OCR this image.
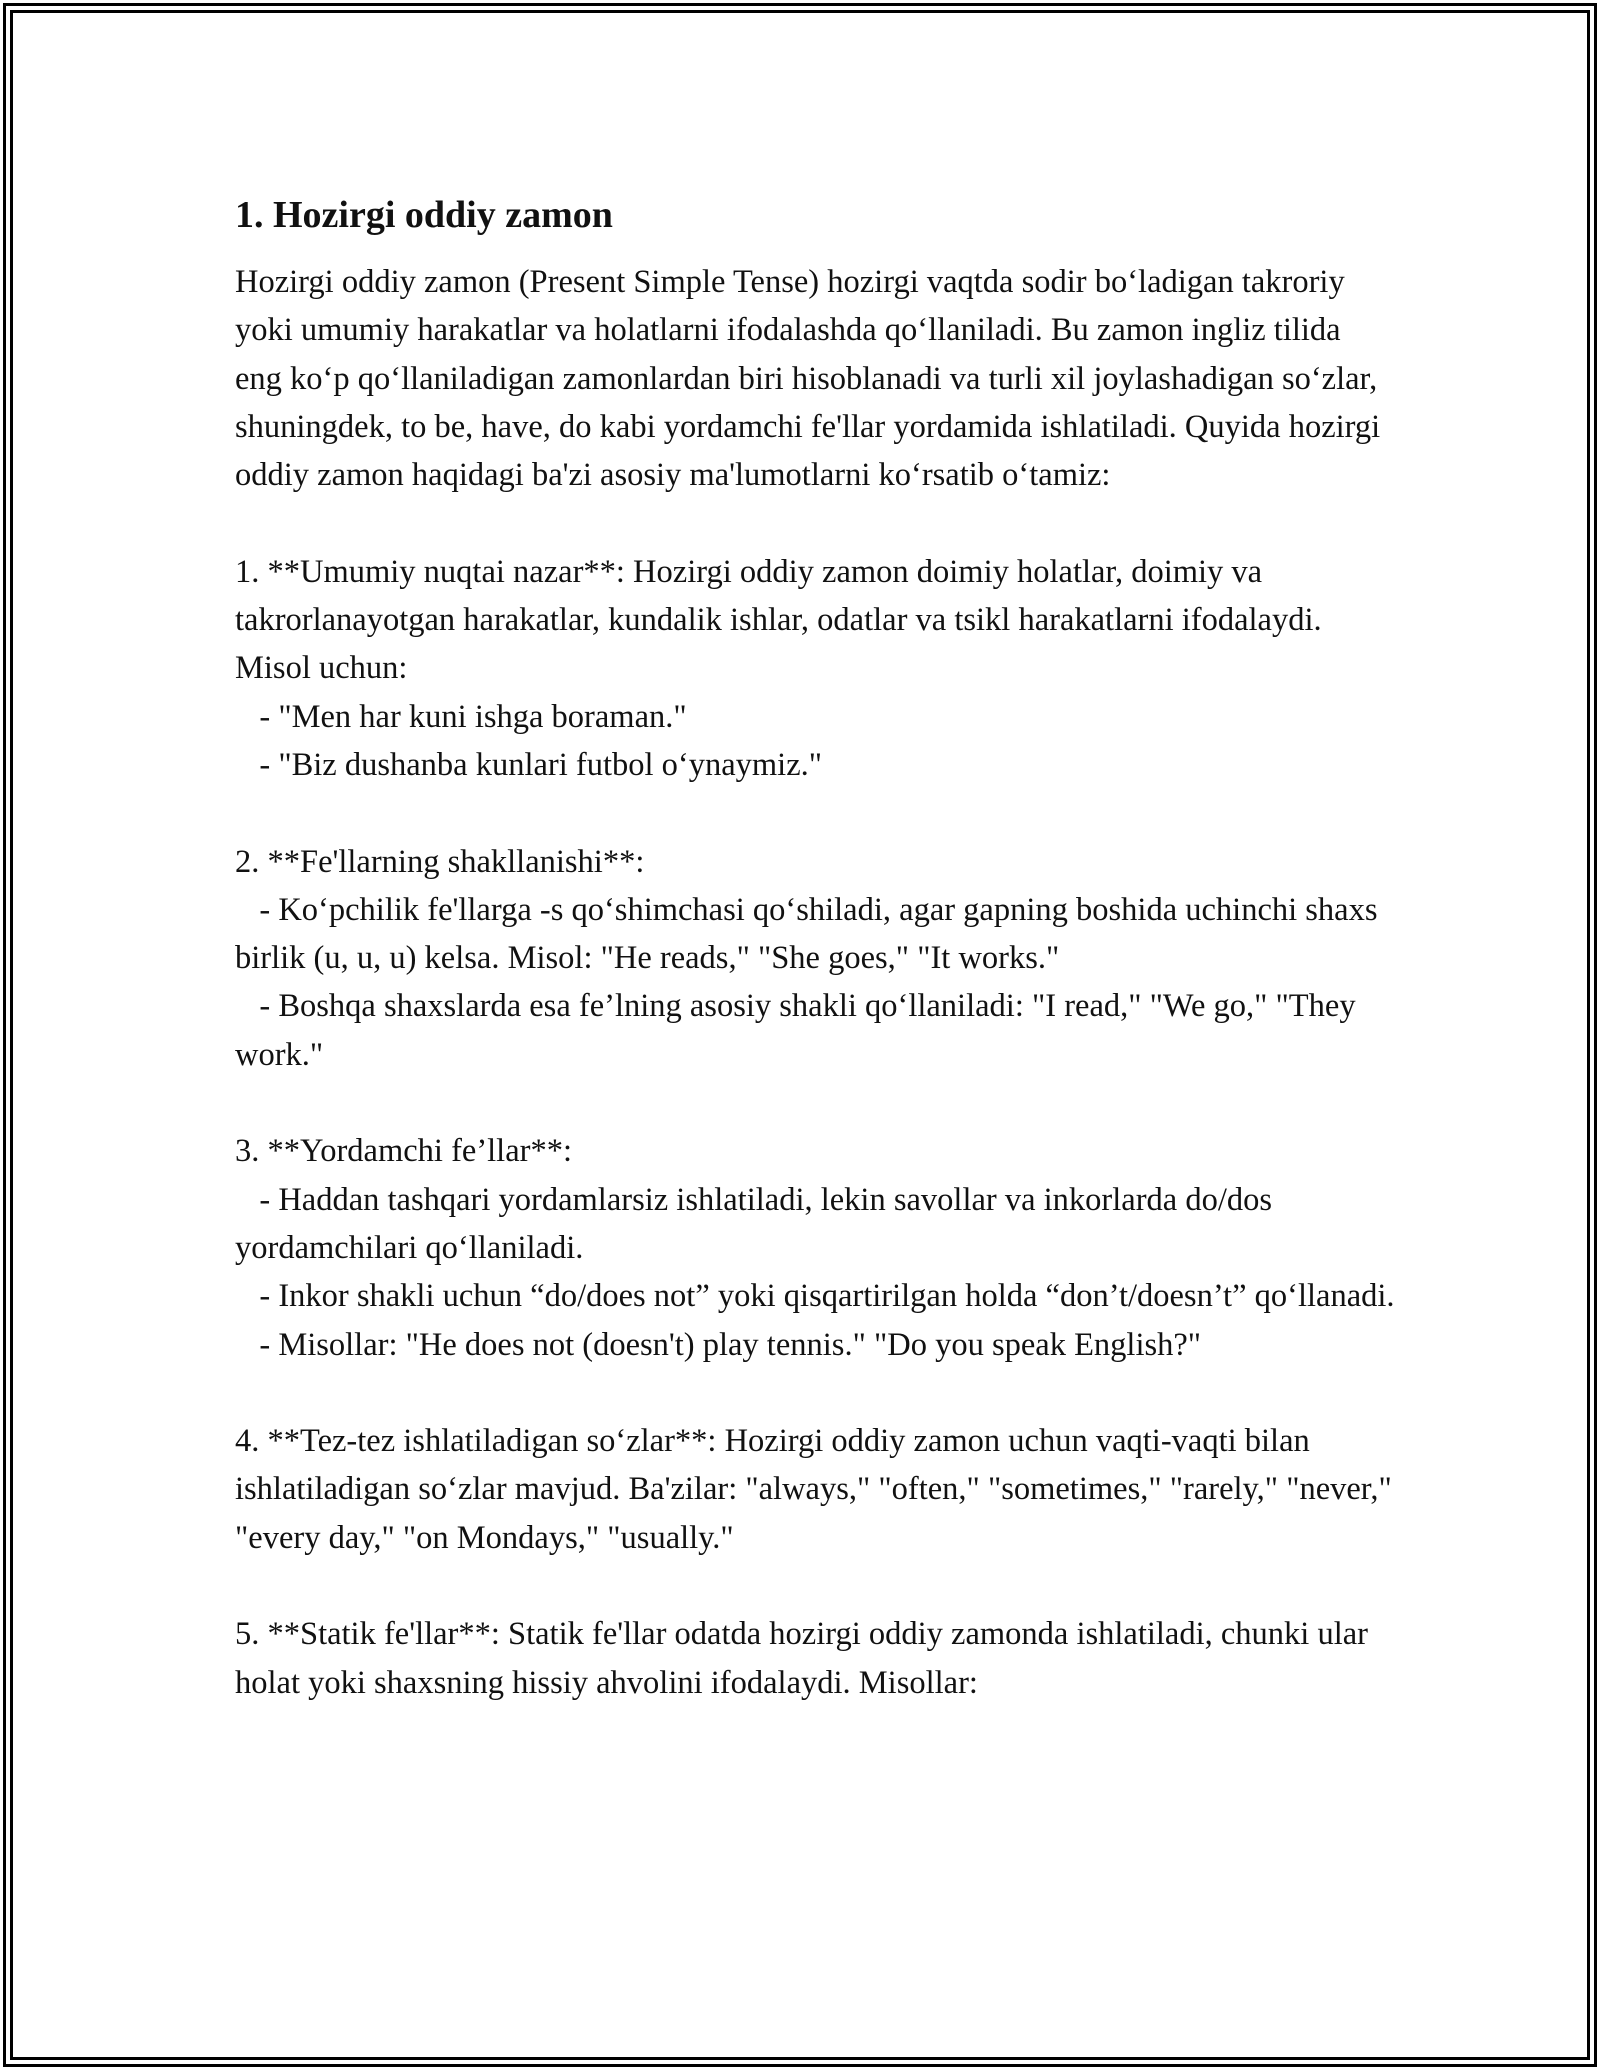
1. Hozirgi oddiy zamon

Hozirgi oddiy zamon (Present Simple Tense) hozirgi vaqtda sodir bo‘ladigan takroriy yoki umumiy harakatlar va holatlarni ifodalashda qo‘llaniladi. Bu zamon ingliz tilida eng ko‘p qo‘llaniladigan zamonlardan biri hisoblanadi va turli xil joylashadigan so‘zlar, shuningdek, to be, have, do kabi yordamchi fe'llar yordamida ishlatiladi. Quyida hozirgi oddiy zamon haqidagi ba'zi asosiy ma'lumotlarni ko‘rsatib o‘tamiz:

1. **Umumiy nuqtai nazar**: Hozirgi oddiy zamon doimiy holatlar, doimiy va takrorlanayotgan harakatlar, kundalik ishlar, odatlar va tsikl harakatlarni ifodalaydi. Misol uchun:

- "Men har kuni ishga boraman."

- "Biz dushanba kunlari futbol o‘ynaymiz."

2. **Fe'llarning shakllanishi**:

- Ko‘pchilik fe'llarga -s qo‘shimchasi qo‘shiladi, agar gapning boshida uchinchi shaxs birlik (u, u, u) kelsa. Misol: "He reads," "She goes," "It works."

- Boshqa shaxslarda esa fe’lning asosiy shakli qo‘llaniladi: "I read," "We go," "They work."

3. **Yordamchi fe’llar**:

- Haddan tashqari yordamlarsiz ishlatiladi, lekin savollar va inkorlarda do/dos yordamchilari qo‘llaniladi.

- Inkor shakli uchun “do/does not” yoki qisqartirilgan holda “don’t/doesn’t” qo‘llanadi.

- Misollar: "He does not (doesn't) play tennis." "Do you speak English?"

4. **Tez-tez ishlatiladigan so‘zlar**: Hozirgi oddiy zamon uchun vaqti-vaqti bilan ishlatiladigan so‘zlar mavjud. Ba'zilar: "always," "often," "sometimes," "rarely," "never," "every day," "on Mondays," "usually."

5. **Statik fe'llar**: Statik fe'llar odatda hozirgi oddiy zamonda ishlatiladi, chunki ular holat yoki shaxsning hissiy ahvolini ifodalaydi. Misollar:
